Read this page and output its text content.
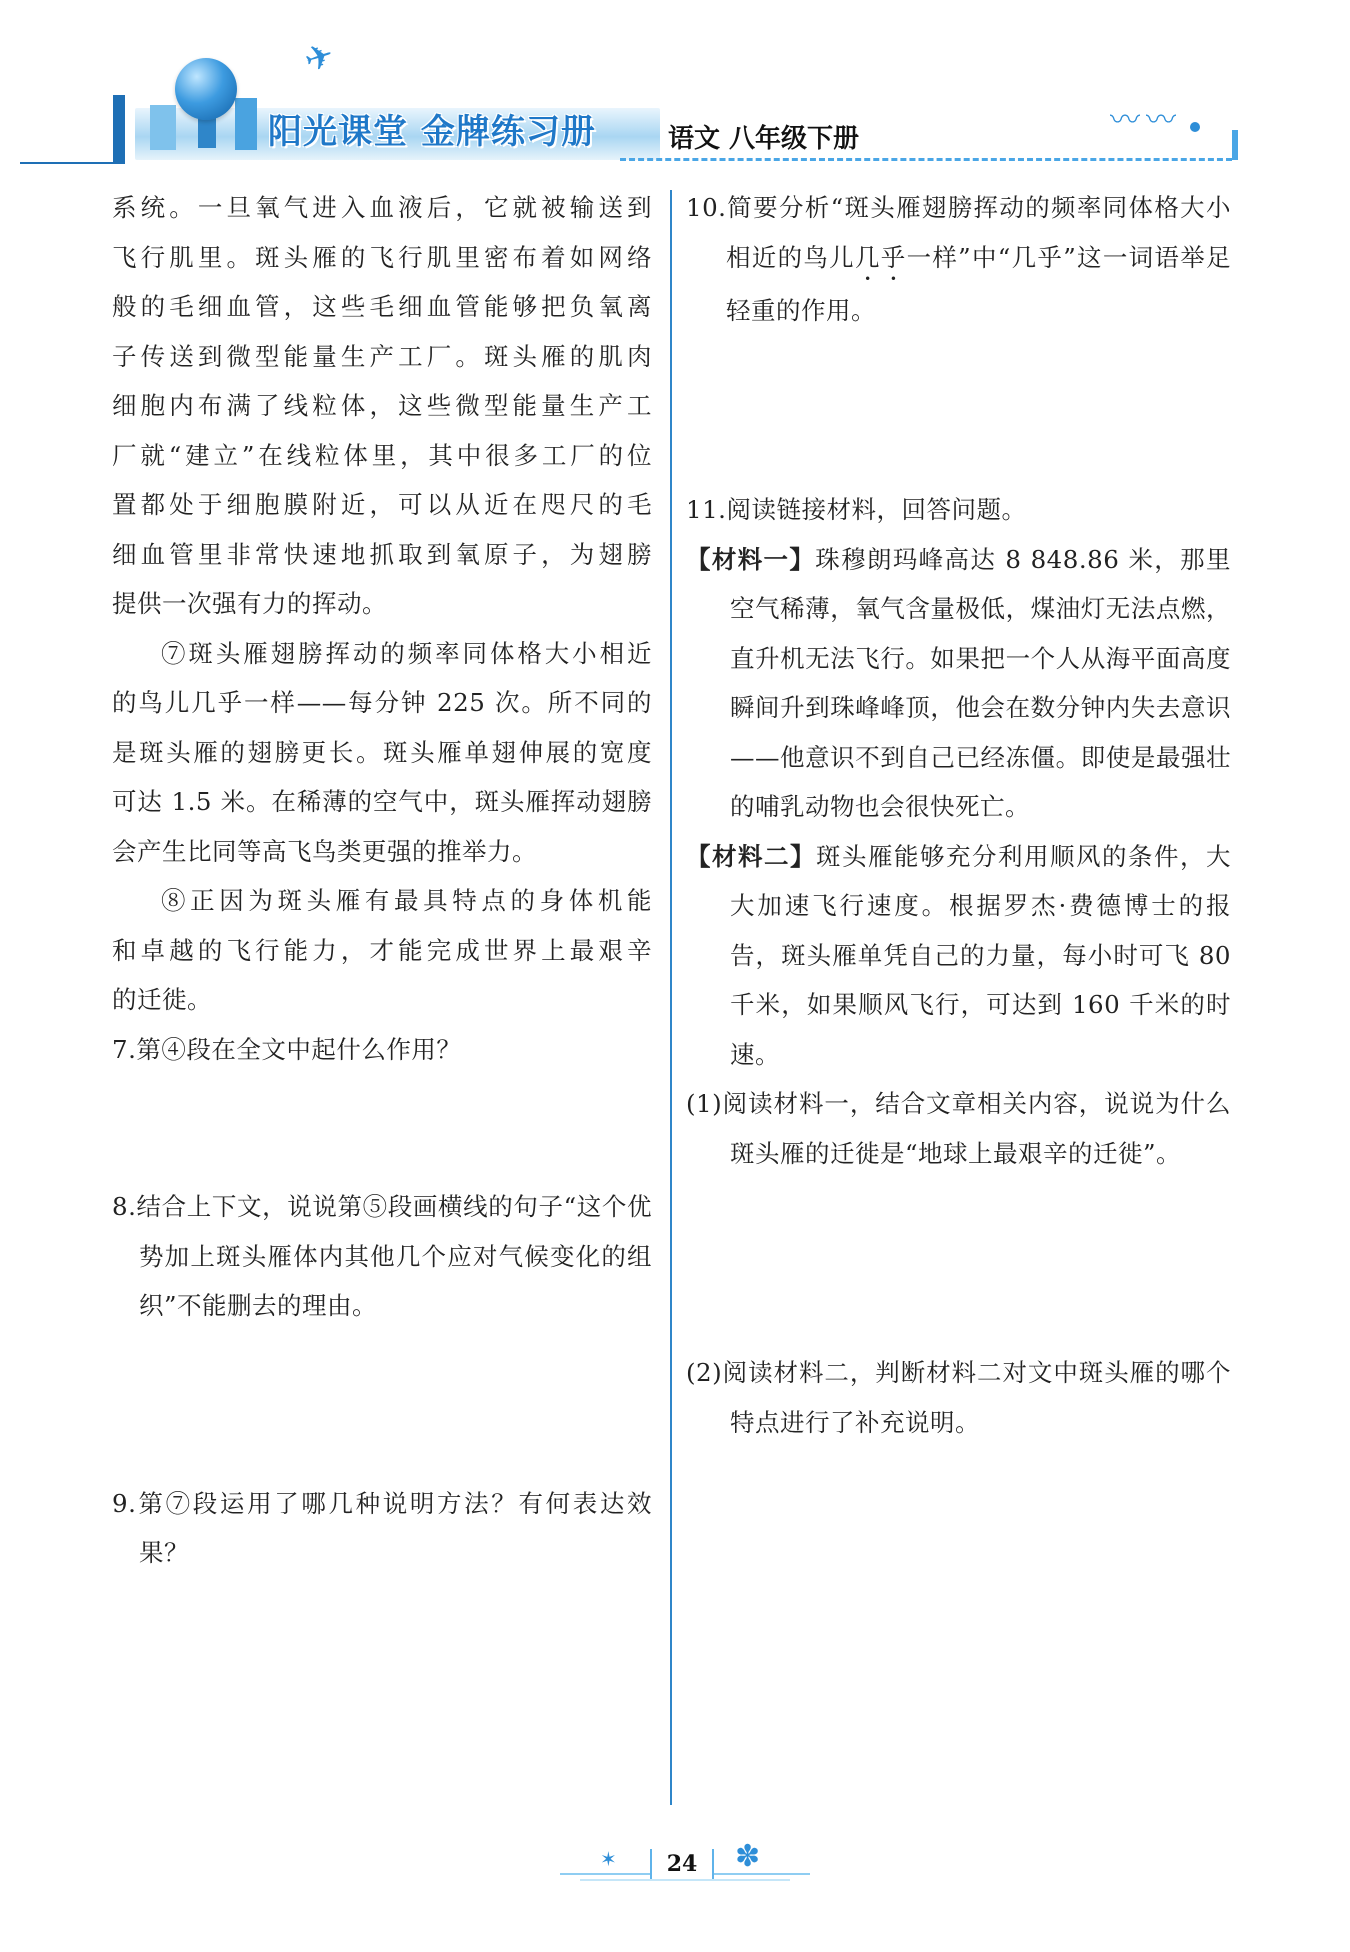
✈
阳光课堂 金牌练习册	语文 八年级下册
〰〰

系统。一旦氧气进入血液后，它就被输送到

飞行肌里。斑头雁的飞行肌里密布着如网络

般的毛细血管，这些毛细血管能够把负氧离

子传送到微型能量生产工厂。斑头雁的肌肉

细胞内布满了线粒体，这些微型能量生产工

厂就“建立”在线粒体里，其中很多工厂的位

置都处于细胞膜附近，可以从近在咫尺的毛

细血管里非常快速地抓取到氧原子，为翅膀

提供一次强有力的挥动。

⑦斑头雁翅膀挥动的频率同体格大小相近

的鸟儿几乎一样——每分钟 225 次。所不同的

是斑头雁的翅膀更长。斑头雁单翅伸展的宽度

可达 1.5 米。在稀薄的空气中，斑头雁挥动翅膀

会产生比同等高飞鸟类更强的推举力。

⑧正因为斑头雁有最具特点的身体机能

和卓越的飞行能力，才能完成世界上最艰辛

的迁徙。

7.第④段在全文中起什么作用？

8.结合上下文，说说第⑤段画横线的句子“这个优势加上斑头雁体内其他几个应对气候变化的组织”不能删去的理由。

9.第⑦段运用了哪几种说明方法？有何表达效果？

10.简要分析“斑头雁翅膀挥动的频率同体格大小相近的鸟儿几乎一样”中“几乎”这一词语举足轻重的作用。

11.阅读链接材料，回答问题。

【材料一】珠穆朗玛峰高达 8 848.86 米，那里空气稀薄，氧气含量极低，煤油灯无法点燃，直升机无法飞行。如果把一个人从海平面高度瞬间升到珠峰峰顶，他会在数分钟内失去意识——他意识不到自己已经冻僵。即使是最强壮的哺乳动物也会很快死亡。

【材料二】斑头雁能够充分利用顺风的条件，大大加速飞行速度。根据罗杰·费德博士的报告，斑头雁单凭自己的力量，每小时可飞 80 千米，如果顺风飞行，可达到 160 千米的时速。

(1)阅读材料一，结合文章相关内容，说说为什么斑头雁的迁徙是“地球上最艰辛的迁徙”。

(2)阅读材料二，判断材料二对文中斑头雁的哪个特点进行了补充说明。

✶	✽
24
